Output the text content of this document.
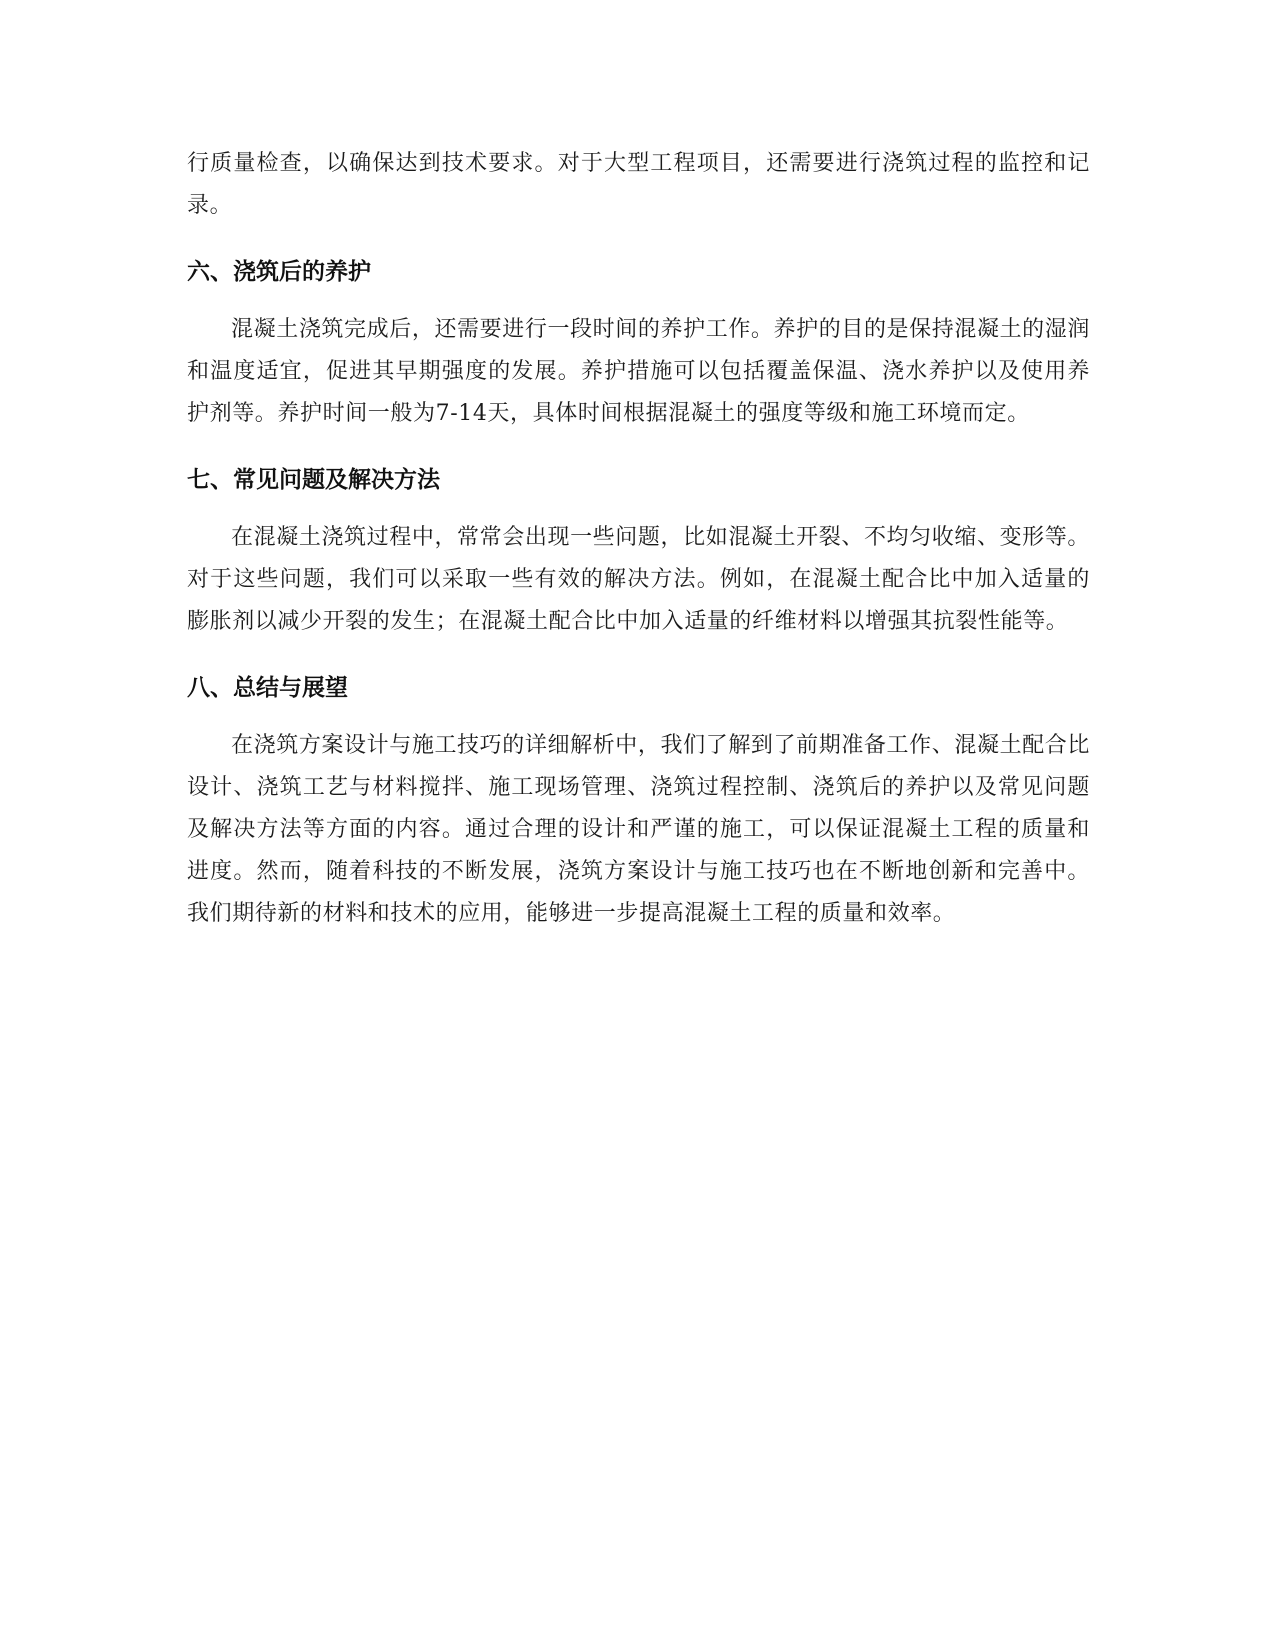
行质量检查，以确保达到技术要求。对于大型工程项目，还需要进行浇筑过程的监控和记录。

六、浇筑后的养护

混凝土浇筑完成后，还需要进行一段时间的养护工作。养护的目的是保持混凝土的湿润和温度适宜，促进其早期强度的发展。养护措施可以包括覆盖保温、浇水养护以及使用养护剂等。养护时间一般为7-14天，具体时间根据混凝土的强度等级和施工环境而定。

七、常见问题及解决方法

在混凝土浇筑过程中，常常会出现一些问题，比如混凝土开裂、不均匀收缩、变形等。对于这些问题，我们可以采取一些有效的解决方法。例如，在混凝土配合比中加入适量的膨胀剂以减少开裂的发生；在混凝土配合比中加入适量的纤维材料以增强其抗裂性能等。

八、总结与展望

在浇筑方案设计与施工技巧的详细解析中，我们了解到了前期准备工作、混凝土配合比设计、浇筑工艺与材料搅拌、施工现场管理、浇筑过程控制、浇筑后的养护以及常见问题及解决方法等方面的内容。通过合理的设计和严谨的施工，可以保证混凝土工程的质量和进度。然而，随着科技的不断发展，浇筑方案设计与施工技巧也在不断地创新和完善中。我们期待新的材料和技术的应用，能够进一步提高混凝土工程的质量和效率。
